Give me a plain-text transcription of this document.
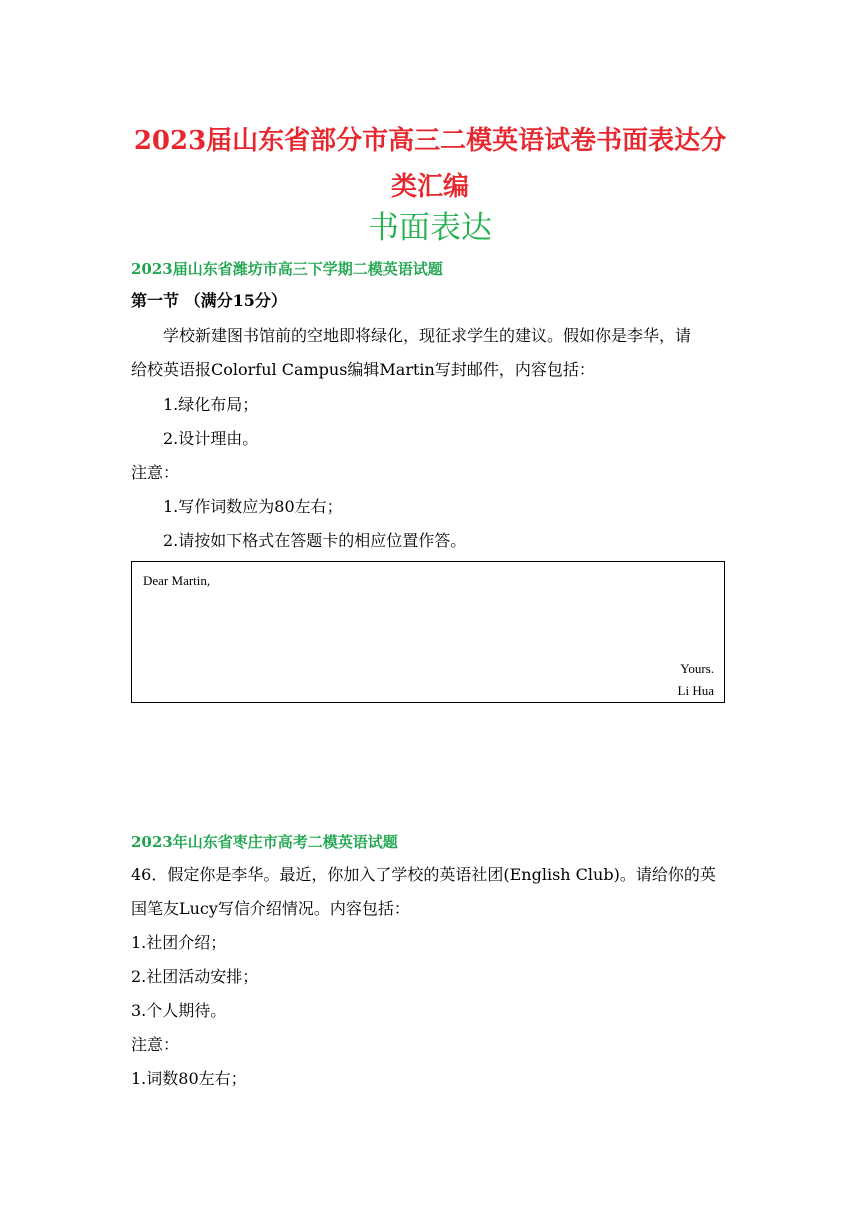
2023届山东省部分市高三二模英语试卷书面表达分
类汇编
书面表达
2023届山东省潍坊市高三下学期二模英语试题
第一节 （满分15分）
学校新建图书馆前的空地即将绿化，现征求学生的建议。假如你是李华，请
给校英语报Colorful Campus编辑Martin写封邮件，内容包括：
1.绿化布局；
2.设计理由。
注意：
1.写作词数应为80左右；
2.请按如下格式在答题卡的相应位置作答。
Dear Martin,
Yours.
Li Hua
2023年山东省枣庄市高考二模英语试题
46．假定你是李华。最近，你加入了学校的英语社团(English Club)。请给你的英
国笔友Lucy写信介绍情况。内容包括：
1.社团介绍；
2.社团活动安排；
3.个人期待。
注意：
1.词数80左右；
